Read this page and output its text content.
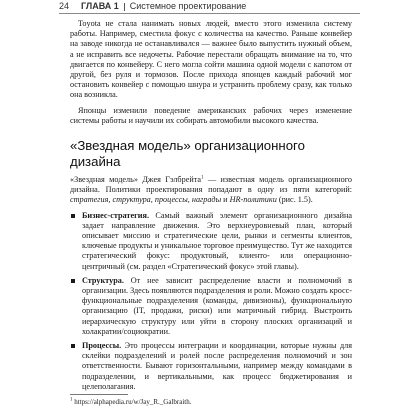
24 ГЛАВА 1 Системное проектирование

Toyota не стала нанимать новых людей, вместо этого изменила систему работы. Например, сместила фокус с количества на качество. Раньше конвейер на заводе никогда не останавливался — важнее было выпустить нужный объем, а не исправить все недочеты. Рабочие перестали обращать внимание на то, что двигается по конвейеру. С него могла сойти машина одной модели с капотом от другой, без руля и тормозов. После прихода японцев каждый рабочий мог остановить конвейер с помощью шнура и устранить проблему сразу, как только она возникла.

Японцы изменили поведение американских рабочих через изменение системы работы и научили их собирать автомобили высокого качества.

«Звездная модель» организационного дизайна

«Звездная модель» Джея Гэлбрейта$^1$ — известная модель организационного дизайна. Политики проектирования попадают в одну из пяти категорий: стратегия, структура, процессы, награды и HR-политики (рис. 1.5).

Бизнес-стратегия. Самый важный элемент организационного дизайна задает направление движения. Это верхнеуровневый план, который описывает миссию и стратегические цели, рынки и сегменты клиентов, ключевые продукты и уникальное торговое преимущество. Тут же находится стратегический фокус: продуктовый, клиенто- или операционно-центричный (см. раздел «Стратегический фокус» этой главы).
Структура. От нее зависит распределение власти и полномочий в организации. Здесь появляются подразделения и роли. Можно создать кросс-функциональные подразделения (команды, дивизионы), функциональную организацию (IT, продажи, риски) или матричный гибрид. Выстроить иерархическую структуру или уйти в сторону плоских организаций и холакратии/социократии.
Процессы. Это процессы интеграции и координации, которые нужны для склейки подразделений и ролей после распределения полномочий и зон ответственности. Бывают горизонтальными, например между командами в подразделении, и вертикальными, как процесс бюджетирования и целеполагания.
$^1$ https://alphapedia.ru/w/Jay_R._Galbraith.
